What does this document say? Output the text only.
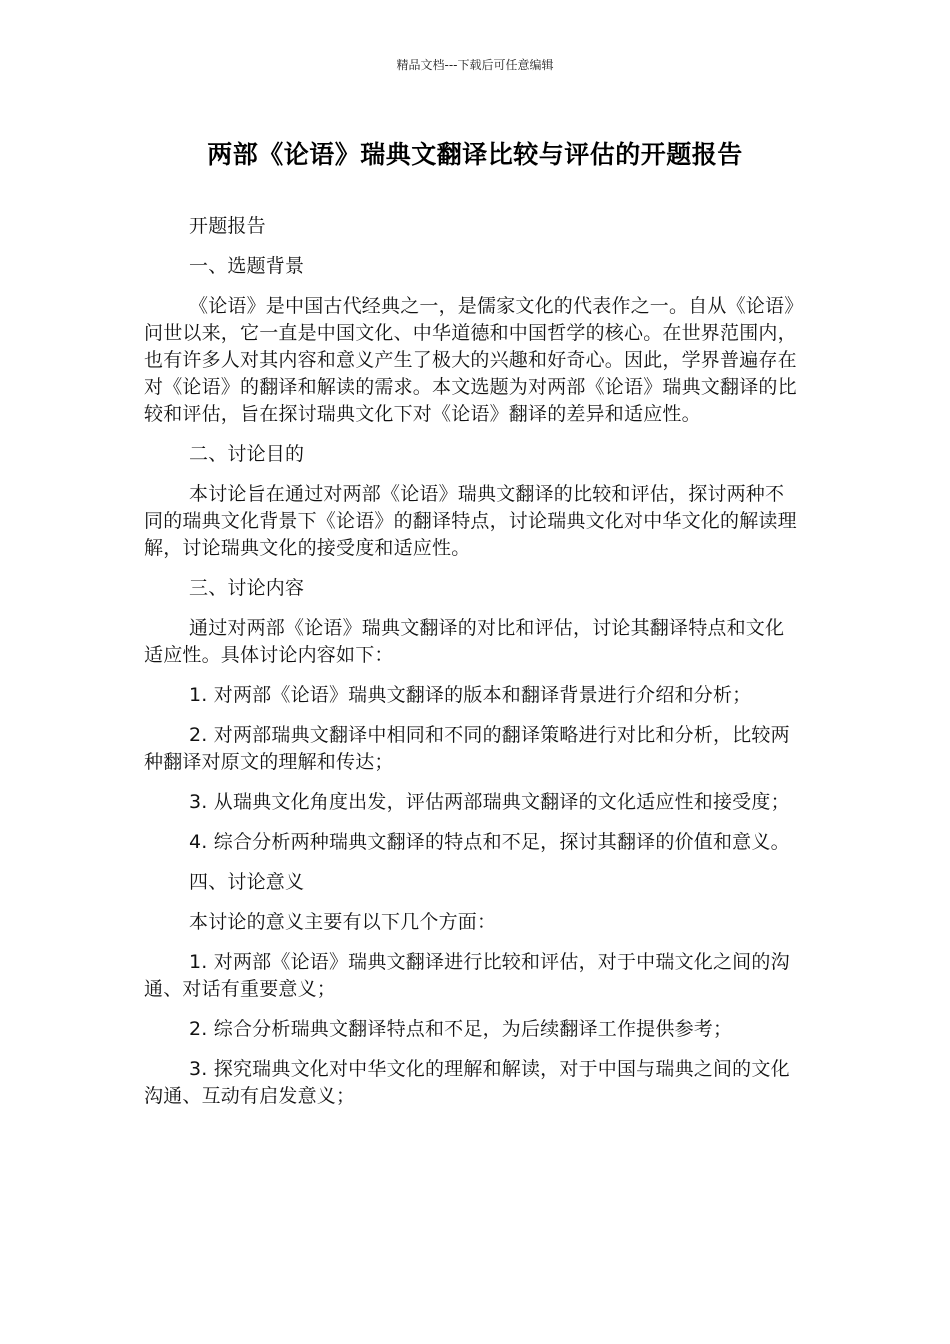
精品文档---下载后可任意编辑
两部《论语》瑞典文翻译比较与评估的开题报告

开题报告

一、选题背景

《论语》是中国古代经典之一，是儒家文化的代表作之一。自从《论语》问世以来，它一直是中国文化、中华道德和中国哲学的核心。在世界范围内，也有许多人对其内容和意义产生了极大的兴趣和好奇心。因此，学界普遍存在对《论语》的翻译和解读的需求。本文选题为对两部《论语》瑞典文翻译的比较和评估，旨在探讨瑞典文化下对《论语》翻译的差异和适应性。

二、讨论目的

本讨论旨在通过对两部《论语》瑞典文翻译的比较和评估，探讨两种不同的瑞典文化背景下《论语》的翻译特点，讨论瑞典文化对中华文化的解读理解，讨论瑞典文化的接受度和适应性。

三、讨论内容

通过对两部《论语》瑞典文翻译的对比和评估，讨论其翻译特点和文化适应性。具体讨论内容如下：

1. 对两部《论语》瑞典文翻译的版本和翻译背景进行介绍和分析；

2. 对两部瑞典文翻译中相同和不同的翻译策略进行对比和分析，比较两种翻译对原文的理解和传达；

3. 从瑞典文化角度出发，评估两部瑞典文翻译的文化适应性和接受度；

4. 综合分析两种瑞典文翻译的特点和不足，探讨其翻译的价值和意义。

四、讨论意义

本讨论的意义主要有以下几个方面：

1. 对两部《论语》瑞典文翻译进行比较和评估，对于中瑞文化之间的沟通、对话有重要意义；

2. 综合分析瑞典文翻译特点和不足，为后续翻译工作提供参考；

3. 探究瑞典文化对中华文化的理解和解读，对于中国与瑞典之间的文化沟通、互动有启发意义；
